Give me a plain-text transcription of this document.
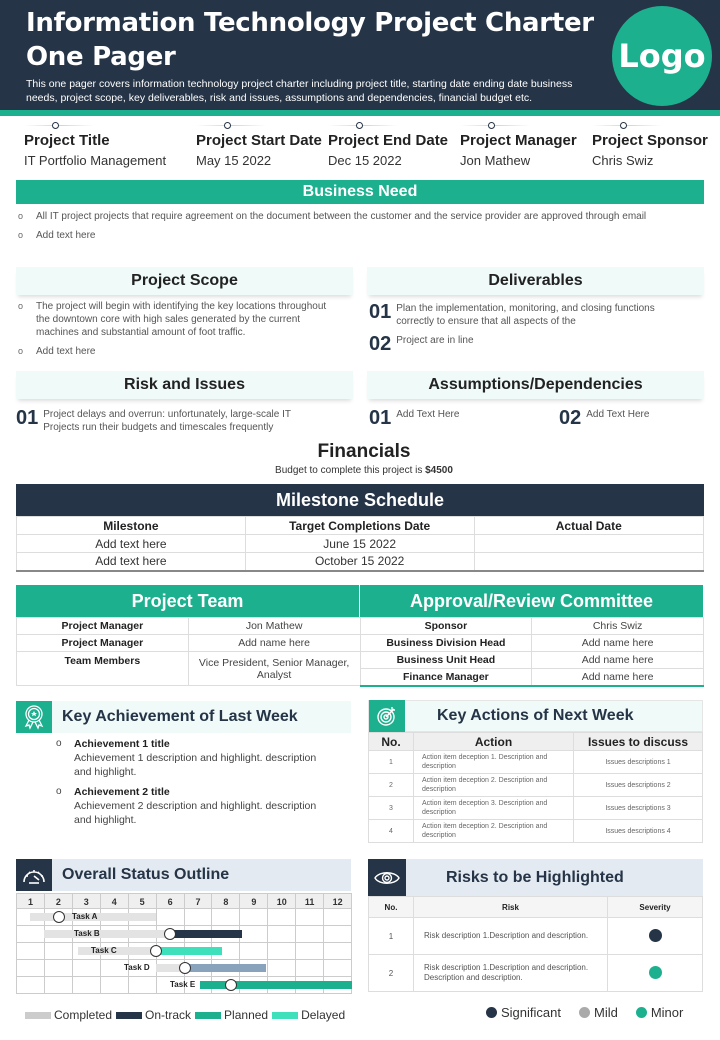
Information Technology Project Charter One Pager
This one pager covers information technology project charter including project title, starting date ending date business needs, project scope, key deliverables, risk and issues, assumptions and dependencies, financial budget etc.
Logo
Project Title
IT Portfolio Management
Project Start Date
May 15 2022
Project End Date
Dec 15 2022
Project Manager
Jon Mathew
Project Sponsor
Chris Swiz
Business Need
o All IT project projects that require agreement on the document between the customer and the service provider are approved through email
o Add text here
Project Scope
o The project will begin with identifying the key locations throughout the downtown core with high sales generated by the current machines and substantial amount of foot traffic.
o Add text here
Deliverables
01 Plan the implementation, monitoring, and closing functions correctly to ensure that all aspects of the
02 Project are in line
Risk and Issues
01 Project delays and overrun: unfortunately, large-scale IT Projects run their budgets and timescales frequently
Assumptions/Dependencies
01 Add Text Here	02 Add Text Here
Financials
Budget to complete this project is $4500
Milestone Schedule
Milestone	Target Completions Date	Actual Date
Add text here	June 15 2022	
Add text here	October 15 2022	
Project Team	Approval/Review Committee
Project Manager	Jon Mathew	Sponsor	Chris Swiz
Project Manager	Add name here	Business Division Head	Add name here
Team Members	Vice President, Senior Manager, Analyst	Business Unit Head	Add name here
		Finance Manager	Add name here
Key Achievement of Last Week
o Achievement 1 title
Achievement 1 description and highlight. description and highlight.
o Achievement 2 title
Achievement 2 description and highlight. description and highlight.
Key Actions of Next Week
No.	Action	Issues to discuss
1	Action item deception 1. Description and description	Issues descriptions 1
2	Action item deception 2. Description and description	Issues descriptions 2
3	Action item deception 3. Description and description	Issues descriptions 3
4	Action item deception 2. Description and description	Issues descriptions 4
Overall Status Outline
1	2	3	4	5	6	7	8	9	10	11	12
Task A
Task B
Task C
Task D
Task E
Completed	On-track	Planned	Delayed
Risks to be Highlighted
No.	Risk	Severity
1	Risk description 1.Description and description.	
2	Risk description 1.Description and description. Description and description.	
Significant	Mild	Minor
